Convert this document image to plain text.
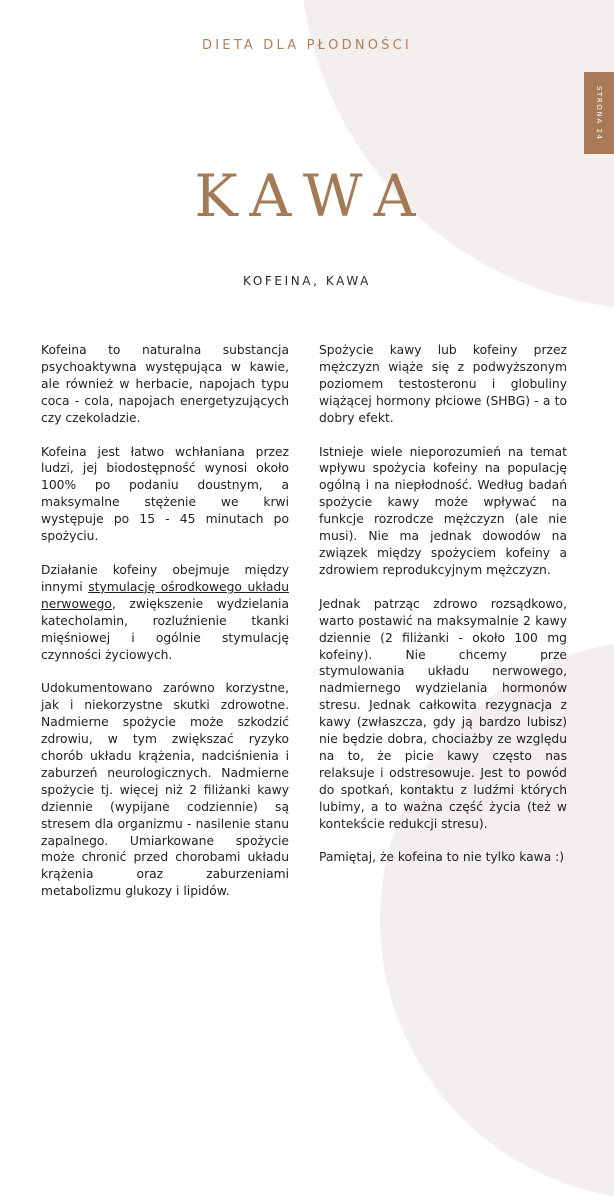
DIETA DLA PŁODNOŚCI
STRONA 24
KAWA
KOFEINA, KAWA

Kofeina to naturalna substancja psychoaktywna występująca w kawie, ale również w herbacie, napojach typu coca - cola, napojach energetyzujących czy czekoladzie.

Kofeina jest łatwo wchłaniana przez ludzi, jej biodostępność wynosi około 100% po podaniu doustnym, a maksymalne stężenie we krwi występuje po 15 - 45 minutach po spożyciu.

Działanie kofeiny obejmuje między innymi stymulację ośrodkowego układu nerwowego, zwiększenie wydzielania katecholamin, rozluźnienie tkanki mięśniowej i ogólnie stymulację czynności życiowych.

Udokumentowano zarówno korzystne, jak i niekorzystne skutki zdrowotne. Nadmierne spożycie może szkodzić zdrowiu, w tym zwiększać ryzyko chorób układu krążenia, nadciśnienia i zaburzeń neurologicznych. Nadmierne spożycie tj. więcej niż 2 filiżanki kawy dziennie (wypijane codziennie) są stresem dla organizmu - nasilenie stanu zapalnego. Umiarkowane spożycie może chronić przed chorobami układu krążenia oraz zaburzeniami metabolizmu glukozy i lipidów.

Spożycie kawy lub kofeiny przez mężczyzn wiąże się z podwyższonym poziomem testosteronu i globuliny wiążącej hormony płciowe (SHBG) - a to dobry efekt.

Istnieje wiele nieporozumień na temat wpływu spożycia kofeiny na populację ogólną i na niepłodność. Według badań spożycie kawy może wpływać na funkcje rozrodcze mężczyzn (ale nie musi). Nie ma jednak dowodów na związek między spożyciem kofeiny a zdrowiem reprodukcyjnym mężczyzn.

Jednak patrząc zdrowo rozsądkowo, warto postawić na maksymalnie 2 kawy dziennie (2 filiżanki - około 100 mg kofeiny). Nie chcemy prze stymulowania układu nerwowego, nadmiernego wydzielania hormonów stresu. Jednak całkowita rezygnacja z kawy (zwłaszcza, gdy ją bardzo lubisz) nie będzie dobra, chociażby ze względu na to, że picie kawy często nas relaksuje i odstresowuje. Jest to powód do spotkań, kontaktu z ludźmi których lubimy, a to ważna część życia (też w kontekście redukcji stresu).

Pamiętaj, że kofeina to nie tylko kawa :)
